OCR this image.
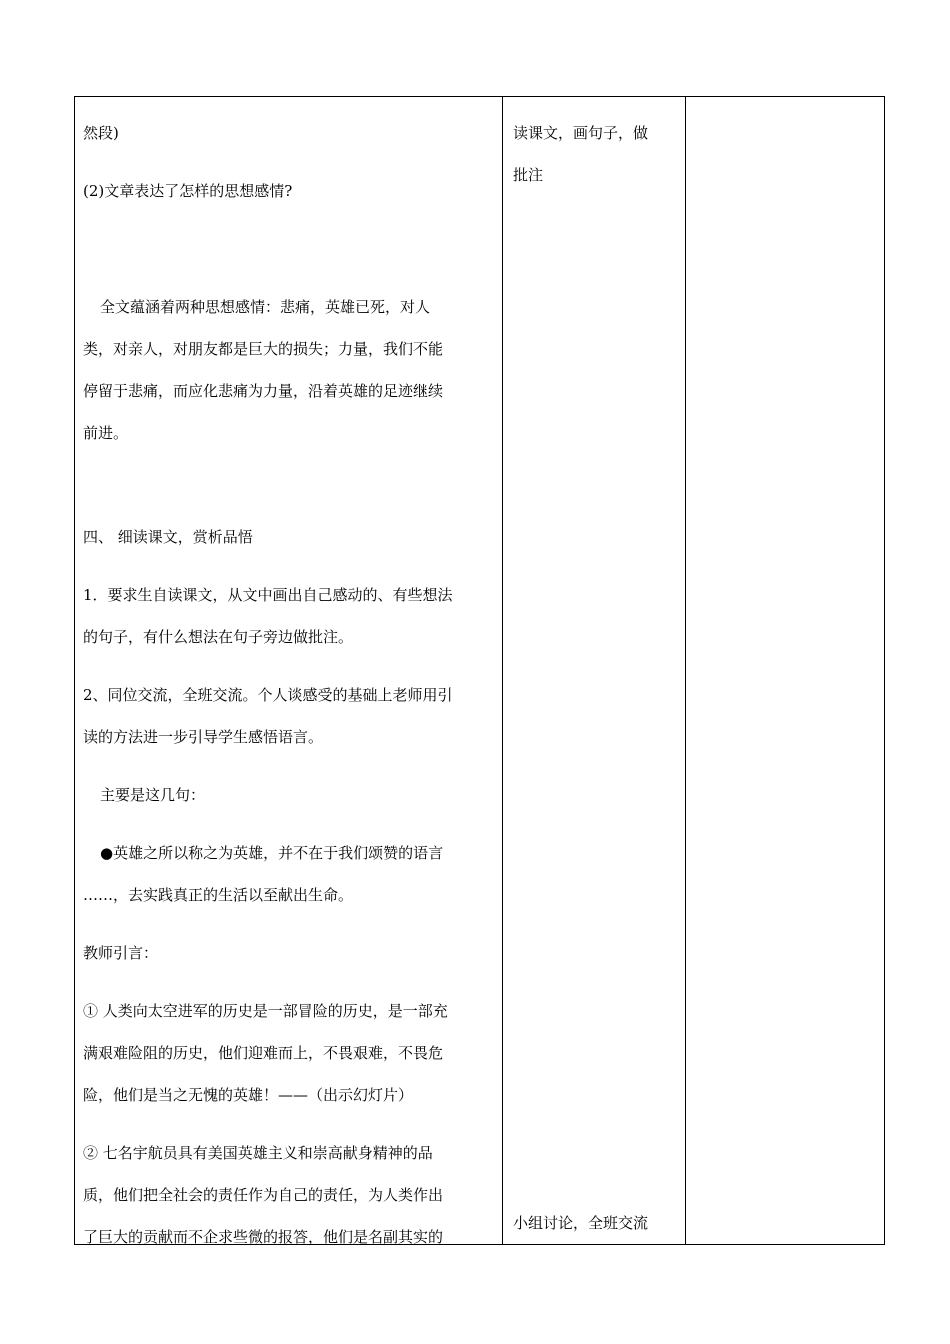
然段)
(2)文章表达了怎样的思想感情?
全文蕴涵着两种思想感情：悲痛，英雄已死，对人
类，对亲人，对朋友都是巨大的损失；力量，我们不能
停留于悲痛，而应化悲痛为力量，沿着英雄的足迹继续
前进。
四、 细读课文，赏析品悟
1．要求生自读课文，从文中画出自己感动的、有些想法
的句子，有什么想法在句子旁边做批注。
2、同位交流，全班交流。个人谈感受的基础上老师用引
读的方法进一步引导学生感悟语言。
主要是这几句：
●英雄之所以称之为英雄，并不在于我们颂赞的语言
……，去实践真正的生活以至献出生命。
教师引言：
① 人类向太空进军的历史是一部冒险的历史，是一部充
满艰难险阻的历史，他们迎难而上，不畏艰难，不畏危
险，他们是当之无愧的英雄！——（出示幻灯片）
② 七名宇航员具有美国英雄主义和崇高献身精神的品
质，他们把全社会的责任作为自己的责任，为人类作出
了巨大的贡献而不企求些微的报答，他们是名副其实的
读课文，画句子，做
批注
小组讨论，全班交流
